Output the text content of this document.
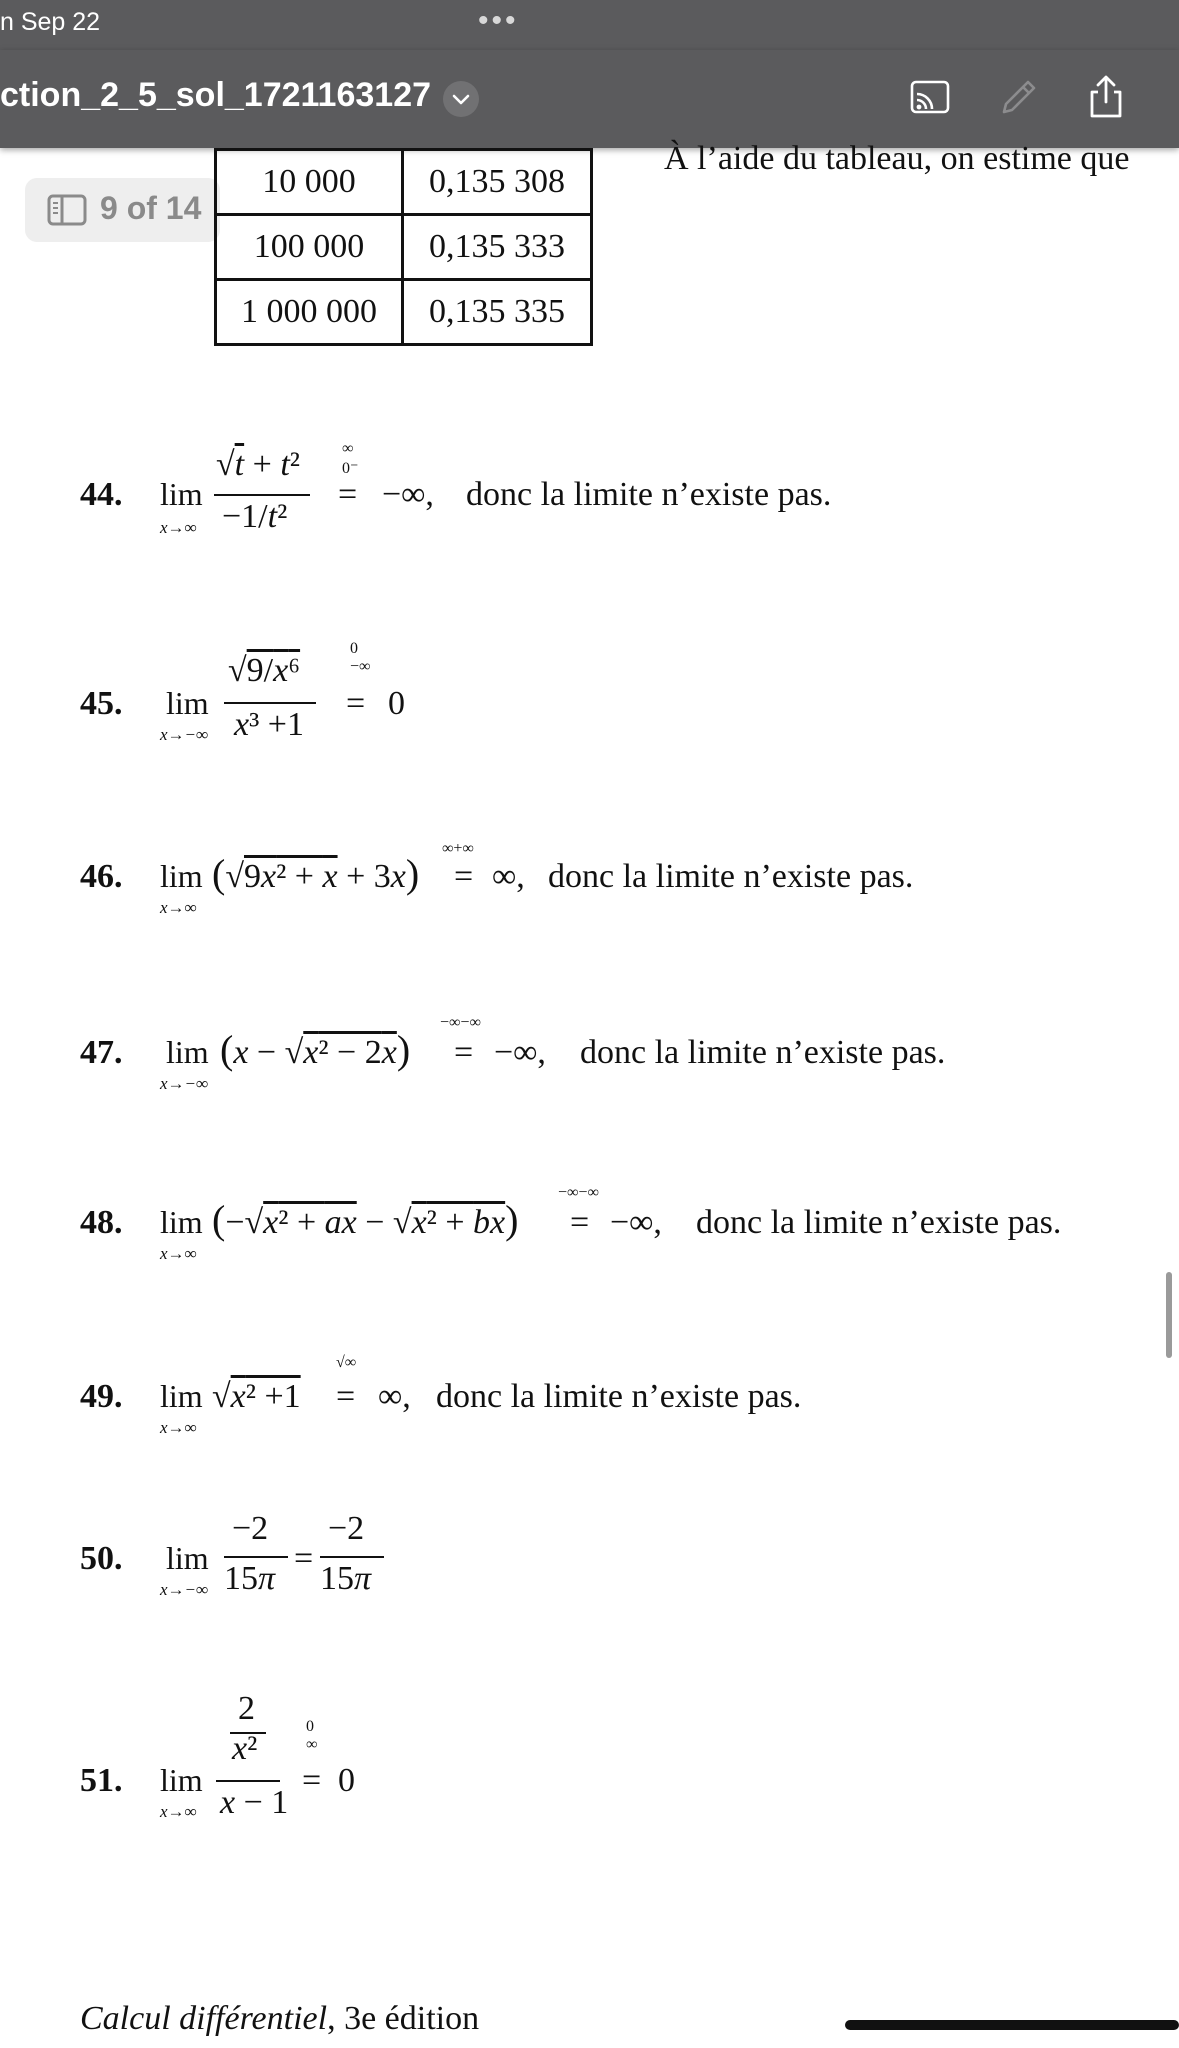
n Sep 22	•••
ction_2_5_sol_1721163127
9 of 14
10 000	0,135 308
100 000	0,135 333
1 000 000	0,135 335
À l’aide du tableau, on estime que
44. lim
x→∞
√t + t²
−1/t²
∞
0⁻
= −∞, donc la limite n’existe pas.
45. lim
x→−∞
√9/x⁶
x³ +1
0
−∞
= 0
46. lim
x→∞
(√9x² + x + 3x)
∞+∞
= ∞, donc la limite n’existe pas.
47. lim
x→−∞
(x − √x² − 2x)
−∞−∞
= −∞, donc la limite n’existe pas.
48. lim
x→∞
(−√x² + ax − √x² + bx)
−∞−∞
= −∞, donc la limite n’existe pas.
49. lim
x→∞
√x² +1
√∞
= ∞, donc la limite n’existe pas.
50. lim
x→−∞
−2
15π
=
−2
15π
51. lim
x→∞
2
x²
x − 1
0
∞
= 0
Calcul différentiel, 3e édition
